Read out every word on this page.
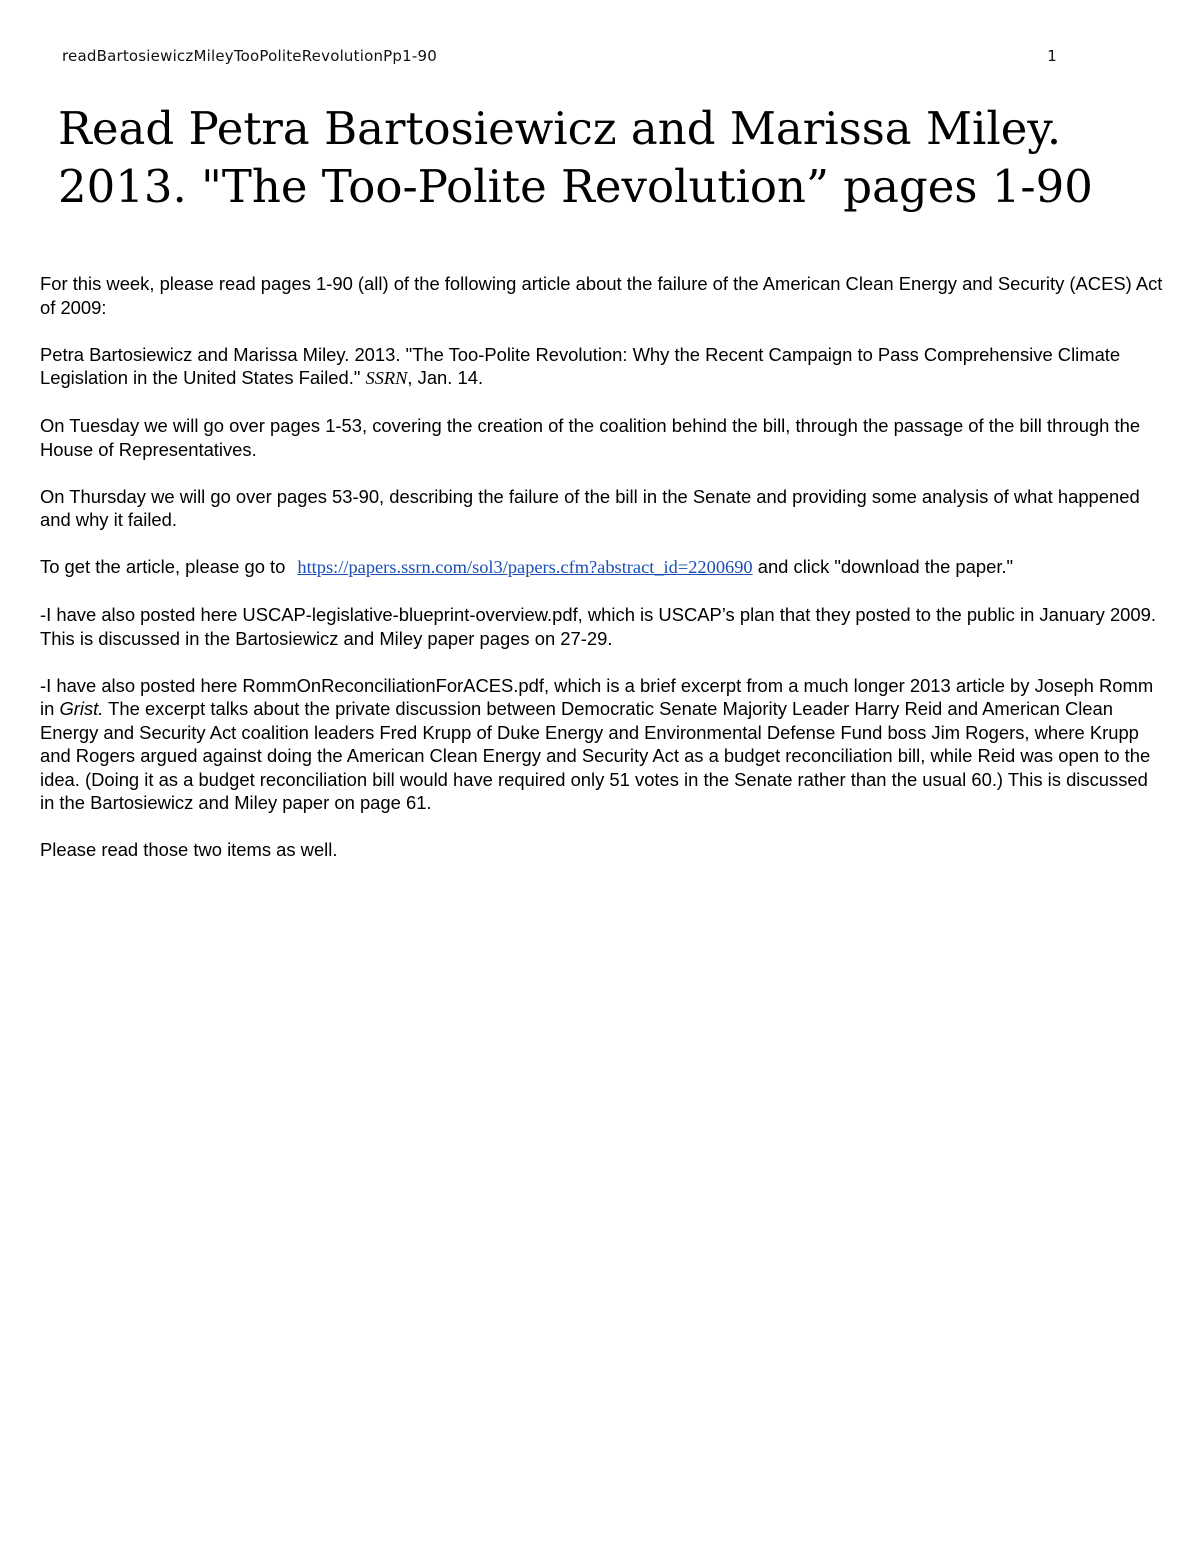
readBartosiewiczMileyTooPoliteRevolutionPp1-90	1
Read Petra Bartosiewicz and Marissa Miley.
2013. "The Too-Polite Revolution” pages 1-90

For this week, please read pages 1-90 (all) of the following article about the failure of the American Clean Energy and Security (ACES) Act of 2009:

Petra Bartosiewicz and Marissa Miley. 2013. "The Too-Polite Revolution: Why the Recent Campaign to Pass Comprehensive Climate Legislation in the United States Failed." SSRN, Jan. 14.

On Tuesday we will go over pages 1-53, covering the creation of the coalition behind the bill, through the passage of the bill through the House of Representatives.

On Thursday we will go over pages 53-90, describing the failure of the bill in the Senate and providing some analysis of what happened and why it failed.

To get the article, please go to https://papers.ssrn.com/sol3/papers.cfm?abstract_id=2200690 and click "download the paper."

-I have also posted here USCAP-legislative-blueprint-overview.pdf, which is USCAP’s plan that they posted to the public in January 2009. This is discussed in the Bartosiewicz and Miley paper pages on 27-29.

-I have also posted here RommOnReconciliationForACES.pdf, which is a brief excerpt from a much longer 2013 article by Joseph Romm in Grist. The excerpt talks about the private discussion between Democratic Senate Majority Leader Harry Reid and American Clean Energy and Security Act coalition leaders Fred Krupp of Duke Energy and Environmental Defense Fund boss Jim Rogers, where Krupp and Rogers argued against doing the American Clean Energy and Security Act as a budget reconciliation bill, while Reid was open to the idea. (Doing it as a budget reconciliation bill would have required only 51 votes in the Senate rather than the usual 60.) This is discussed in the Bartosiewicz and Miley paper on page 61.

Please read those two items as well.
